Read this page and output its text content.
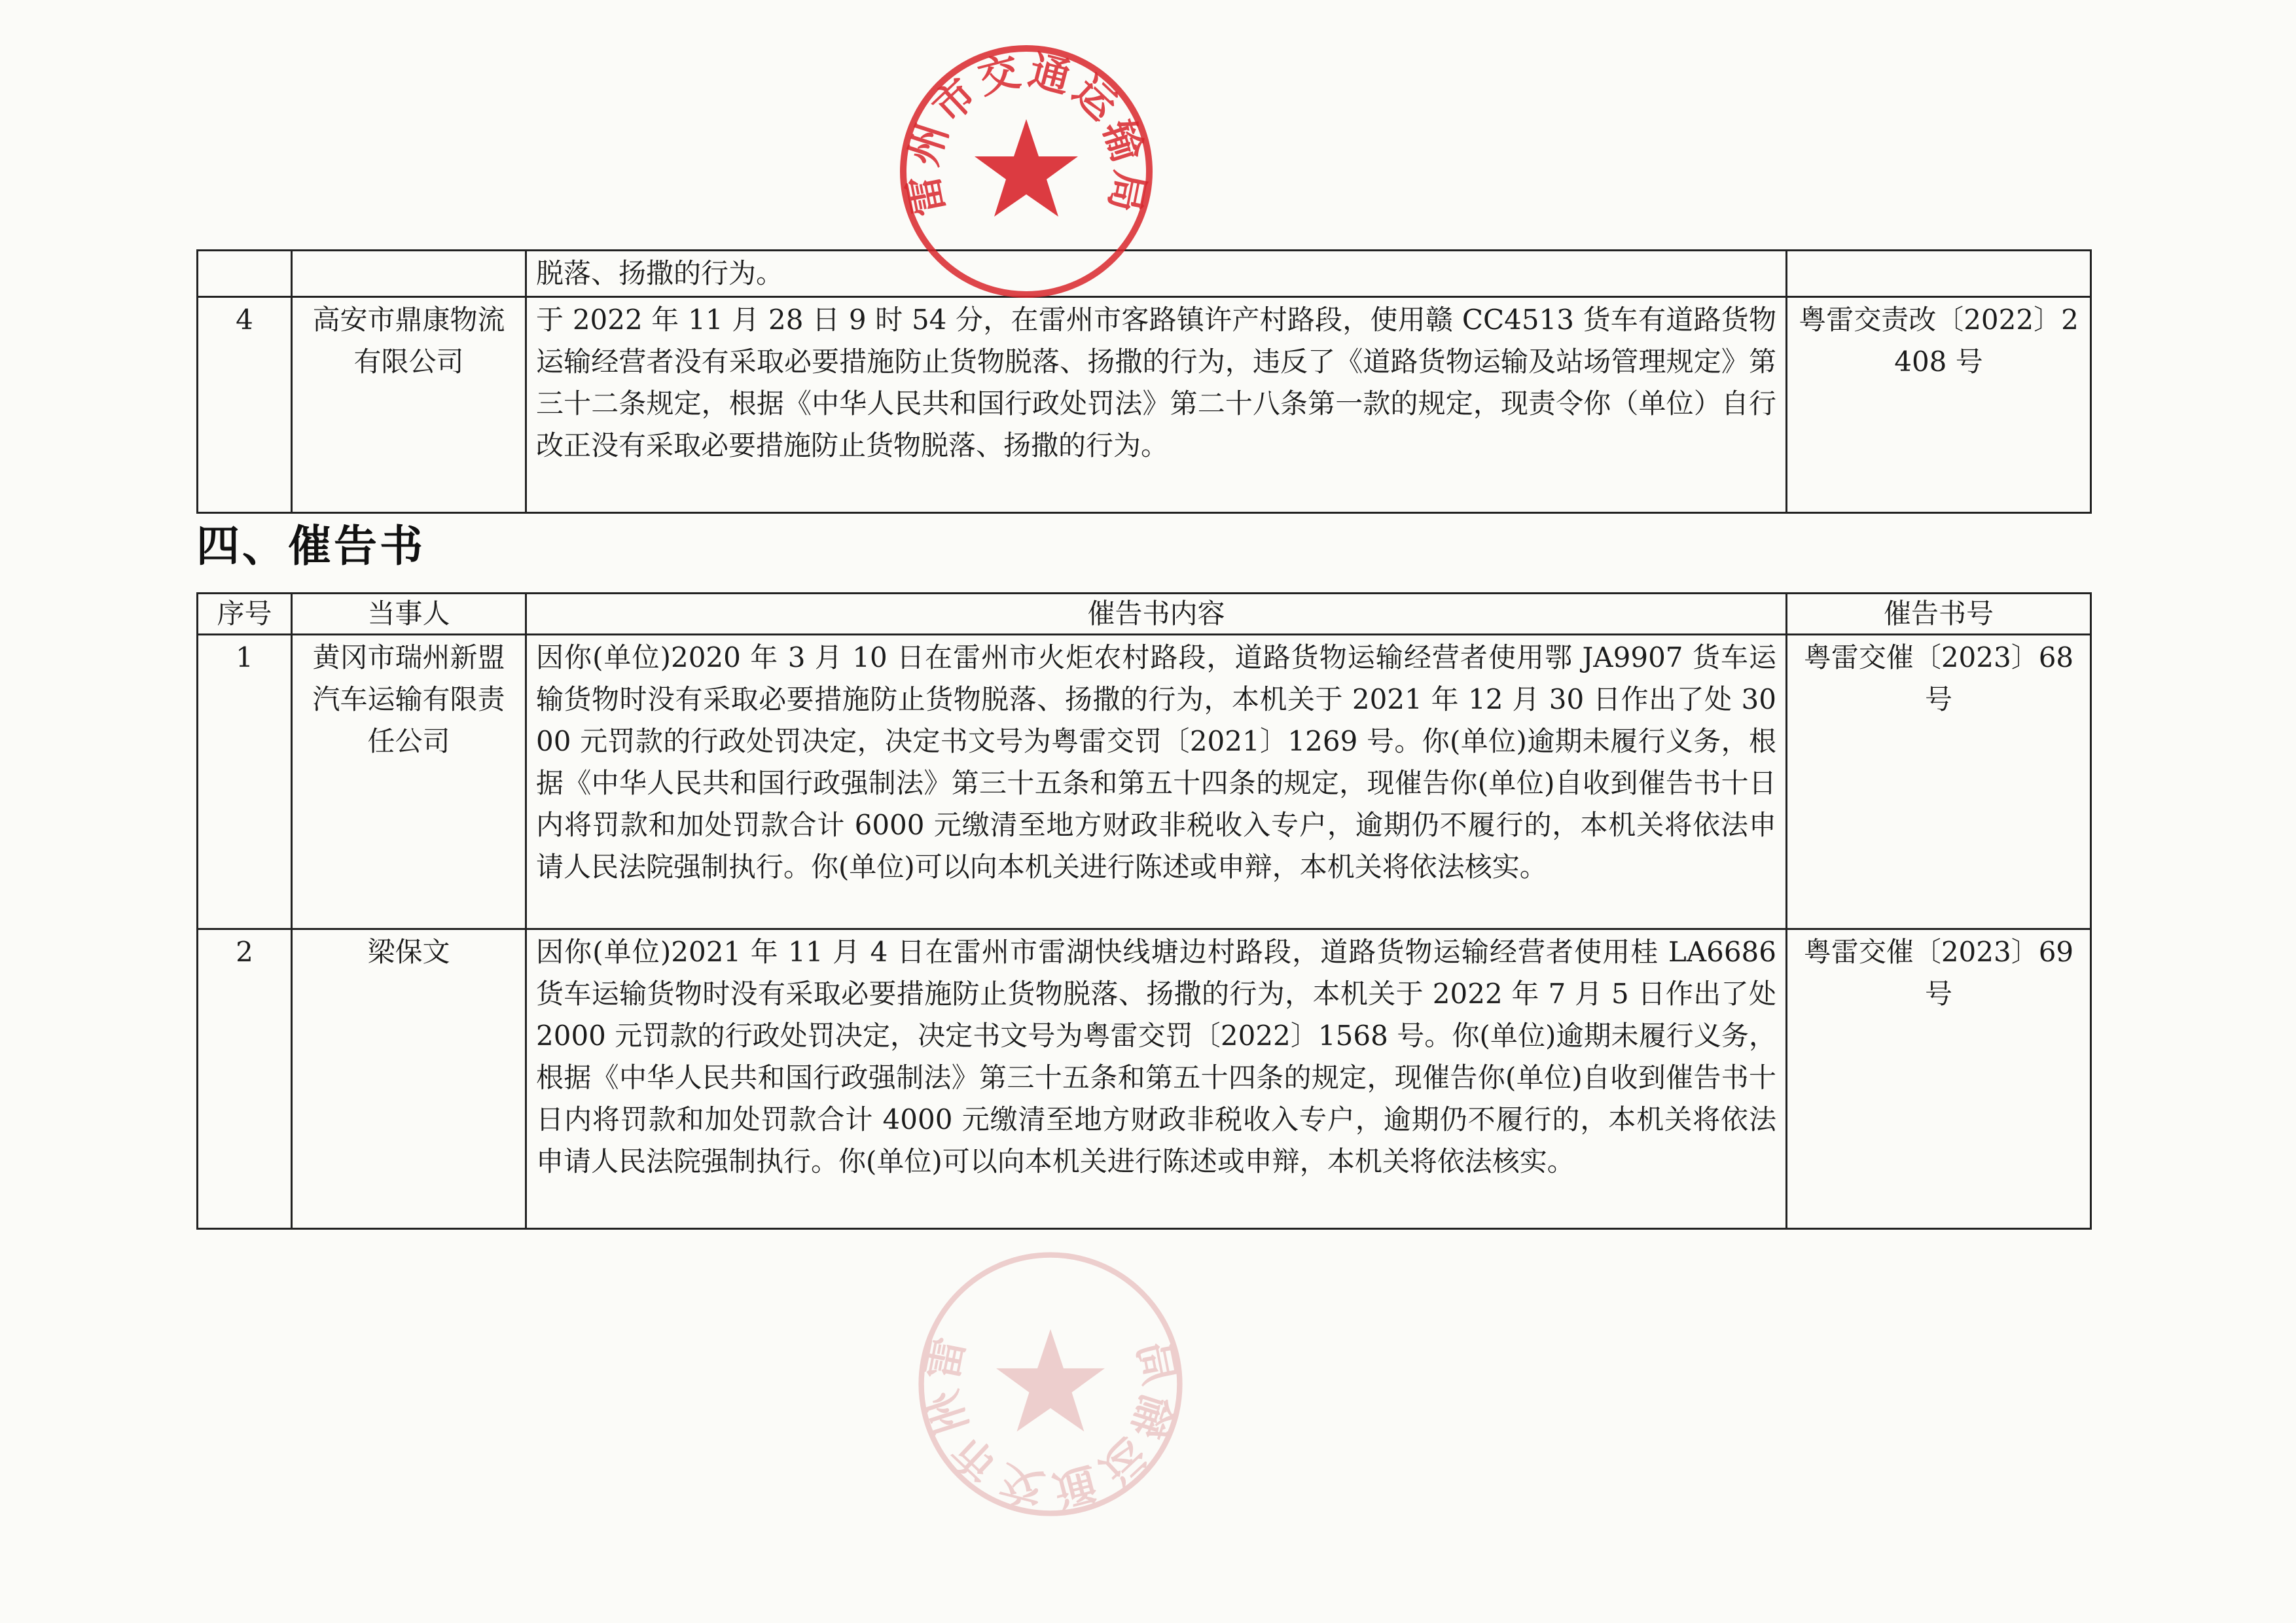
		脱落、扬撒的行为。	
4	高安市鼎康物流有限公司	于 2022 年 11 月 28 日 9 时 54 分，在雷州市客路镇许产村路段，使用赣 CC4513 货车有道路货物运输经营者没有采取必要措施防止货物脱落、扬撒的行为，违反了《道路货物运输及站场管理规定》第三十二条规定，根据《中华人民共和国行政处罚法》第二十八条第一款的规定，现责令你（单位）自行改正没有采取必要措施防止货物脱落、扬撒的行为。	粤雷交责改〔2022〕2408 号
四、催告书
序号	当事人	催告书内容	催告书号
1	黄冈市瑞州新盟汽车运输有限责任公司	因你(单位)2020 年 3 月 10 日在雷州市火炬农村路段，道路货物运输经营者使用鄂 JA9907 货车运输货物时没有采取必要措施防止货物脱落、扬撒的行为，本机关于 2021 年 12 月 30 日作出了处 3000 元罚款的行政处罚决定，决定书文号为粤雷交罚〔2021〕1269 号。你(单位)逾期未履行义务，根据《中华人民共和国行政强制法》第三十五条和第五十四条的规定，现催告你(单位)自收到催告书十日内将罚款和加处罚款合计 6000 元缴清至地方财政非税收入专户，逾期仍不履行的，本机关将依法申请人民法院强制执行。你(单位)可以向本机关进行陈述或申辩，本机关将依法核实。	粤雷交催〔2023〕68 号
2	梁保文	因你(单位)2021 年 11 月 4 日在雷州市雷湖快线塘边村路段，道路货物运输经营者使用桂 LA6686 货车运输货物时没有采取必要措施防止货物脱落、扬撒的行为，本机关于 2022 年 7 月 5 日作出了处 2000 元罚款的行政处罚决定，决定书文号为粤雷交罚〔2022〕1568 号。你(单位)逾期未履行义务，根据《中华人民共和国行政强制法》第三十五条和第五十四条的规定，现催告你(单位)自收到催告书十日内将罚款和加处罚款合计 4000 元缴清至地方财政非税收入专户，逾期仍不履行的，本机关将依法申请人民法院强制执行。你(单位)可以向本机关进行陈述或申辩，本机关将依法核实。	粤雷交催〔2023〕69 号
雷州市交通运输局
雷州市交通运输局
